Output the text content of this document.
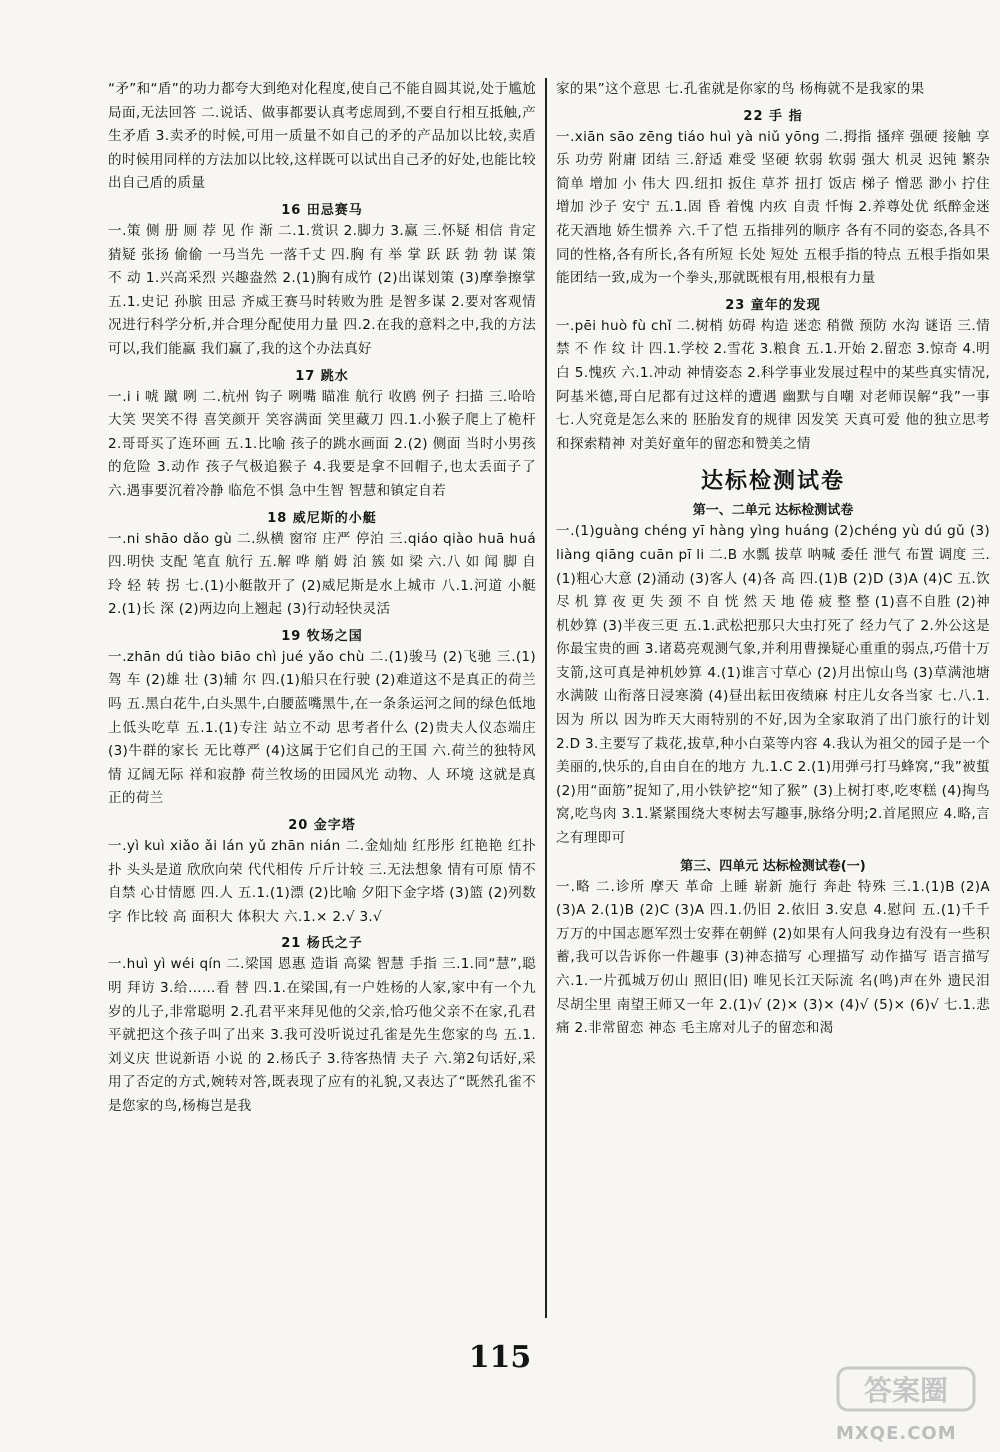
“矛”和“盾”的功力都夸大到绝对化程度,使自己不能自圆其说,处于尴尬局面,无法回答 二.说话、做事都要认真考虑周到,不要自行相互抵触,产生矛盾 3.卖矛的时候,可用一质量不如自己的矛的产品加以比较,卖盾的时候用同样的方法加以比较,这样既可以试出自己矛的好处,也能比较出自己盾的质量

16 田忌赛马

一.策 侧 册 厕 荐 见 作 渐 二.1.赏识 2.脚力 3.赢 三.怀疑 相信 肯定 猜疑 张扬 偷偷 一马当先 一落千丈 四.胸 有 举 掌 跃 跃 勃 勃 谋 策 不 动 1.兴高采烈 兴趣盎然 2.(1)胸有成竹 (2)出谋划策 (3)摩拳擦掌 五.1.史记 孙膑 田忌 齐威王赛马时转败为胜 是智多谋 2.要对客观情况进行科学分析,并合理分配使用力量 四.2.在我的意料之中,我的方法可以,我们能赢 我们赢了,我的这个办法真好

17 跳水

一.i i 唬 蹴 咧 二.杭州 钩子 咧嘴 瞄准 航行 收鸥 例子 扫描 三.哈哈大笑 哭笑不得 喜笑颜开 笑容满面 笑里藏刀 四.1.小猴子爬上了桅杆 2.哥哥买了连环画 五.1.比喻 孩子的跳水画面 2.(2) 侧面 当时小男孩的危险 3.动作 孩子气极追猴子 4.我要是拿不回帽子,也太丢面子了 六.遇事要沉着冷静 临危不惧 急中生智 智慧和镇定自若

18 威尼斯的小艇

一.ni shāo dǎo gù 二.纵横 窗帘 庄严 停泊 三.qiáo qiào huā huá 四.明快 支配 笔直 航行 五.解 哗 艄 姆 泊 簇 如 梁 六.八 如 闻 脚 自 玲 轻 转 拐 七.(1)小艇散开了 (2)威尼斯是水上城市 八.1.河道 小艇 2.(1)长 深 (2)两边向上翘起 (3)行动轻快灵活

19 牧场之国

一.zhān dú tiào biāo chì jué yǎo chù 二.(1)骏马 (2)飞驰 三.(1)驾 车 (2)雄 壮 (3)辅 尔 四.(1)船只在行驶 (2)难道这不是真正的荷兰吗 五.黑白花牛,白头黑牛,白腰蓝嘴黑牛,在一条条运河之间的绿色低地上低头吃草 五.1.(1)专注 站立不动 思考者什么 (2)贵夫人仪态端庄 (3)牛群的家长 无比尊严 (4)这属于它们自己的王国 六.荷兰的独特风情 辽阔无际 祥和寂静 荷兰牧场的田园风光 动物、人 环境 这就是真正的荷兰

20 金字塔

一.yì kuì xiǎo ǎi lán yǔ zhān nián 二.金灿灿 红彤彤 红艳艳 红扑扑 头头是道 欣欣向荣 代代相传 斤斤计较 三.无法想象 情有可原 情不自禁 心甘情愿 四.人 五.1.(1)漂 (2)比喻 夕阳下金字塔 (3)篮 (2)列数字 作比较 高 面积大 体积大 六.1.× 2.√ 3.√

21 杨氏之子

一.huì yì wéi qín 二.梁国 恩惠 造诣 高粱 智慧 手指 三.1.同“慧”,聪明 拜访 3.给……看 替 四.1.在梁国,有一户姓杨的人家,家中有一个九岁的儿子,非常聪明 2.孔君平来拜见他的父亲,恰巧他父亲不在家,孔君平就把这个孩子叫了出来 3.我可没听说过孔雀是先生您家的鸟 五.1.刘义庆 世说新语 小说 的 2.杨氏子 3.待客热情 夫子 六.第2句话好,采用了否定的方式,婉转对答,既表现了应有的礼貌,又表达了“既然孔雀不是您家的鸟,杨梅岂是我

家的果”这个意思 七.孔雀就是你家的鸟 杨梅就不是我家的果

22 手 指

一.xiān sāo zēng tiáo huì yà niǔ yōng 二.拇指 搔痒 强硬 接触 享乐 功劳 附庸 团结 三.舒适 难受 坚硬 软弱 软弱 强大 机灵 迟钝 繁杂 简单 增加 小 伟大 四.纽扣 扳住 草芥 扭打 饭店 梯子 憎恶 渺小 拧住 增加 沙子 安宁 五.1.固 昏 着愧 内疚 自责 忏悔 2.养尊处优 纸醉金迷 花天酒地 娇生惯养 六.千了恺 五指排列的顺序 各有不同的姿态,各具不同的性格,各有所长,各有所短 长处 短处 五根手指的特点 五根手指如果能团结一致,成为一个拳头,那就既根有用,根根有力量

23 童年的发现

一.pēi huò fù chǐ 二.树梢 妨碍 构造 迷恋 稍微 预防 水沟 谜语 三.情 禁 不 作 纹 计 四.1.学校 2.雪花 3.粮食 五.1.开始 2.留恋 3.惊奇 4.明白 5.愧疚 六.1.冲动 神情姿态 2.科学事业发展过程中的某些真实情况,阿基米德,哥白尼都有过这样的遭遇 幽默与自嘲 对老师误解“我”一事 七.人究竟是怎么来的 胚胎发育的规律 因发笑 天真可爱 他的独立思考和探索精神 对美好童年的留恋和赞美之情

达标检测试卷
第一、二单元 达标检测试卷

一.(1)guàng chéng yī hàng yìng huáng (2)chéng yù dú gǔ (3)liàng qiāng cuān pī li 二.B 水瓢 拔草 呐喊 委任 泄气 布置 调度 三.(1)粗心大意 (2)涌动 (3)客人 (4)各 高 四.(1)B (2)D (3)A (4)C 五.饮 尽 机 算 夜 更 失 颈 不 自 恍 然 天 地 倦 疲 整 整 (1)喜不自胜 (2)神机妙算 (3)半夜三更 五.1.武松把那只大虫打死了 经力气了 2.外公这是你最宝贵的画 3.诸葛亮观测气象,并利用曹操疑心重重的弱点,巧借十万支箭,这可真是神机妙算 4.(1)谁言寸草心 (2)月出惊山鸟 (3)草满池塘水满陂 山衔落日浸寒漪 (4)昼出耘田夜绩麻 村庄儿女各当家 七.八.1.因为 所以 因为昨天大雨特别的不好,因为全家取消了出门旅行的计划 2.D 3.主要写了栽花,拔草,种小白菜等内容 4.我认为祖父的园子是一个美丽的,快乐的,自由自在的地方 九.1.C 2.(1)用弹弓打马蜂窝,“我”被蜇 (2)用“面筋”捉知了,用小铁铲挖“知了猴” (3)上树打枣,吃枣糕 (4)掏鸟窝,吃鸟肉 3.1.紧紧围绕大枣树去写趣事,脉络分明;2.首尾照应 4.略,言之有理即可

第三、四单元 达标检测试卷(一)

一.略 二.诊所 摩天 革命 上睡 崭新 施行 奔赴 特殊 三.1.(1)B (2)A (3)A 2.(1)B (2)C (3)A 四.1.仍旧 2.依旧 3.安息 4.慰问 五.(1)千千万万的中国志愿军烈士安葬在朝鲜 (2)如果有人问我身边有没有一些积蓄,我可以告诉你一件趣事 (3)神态描写 心理描写 动作描写 语言描写 六.1.一片孤城万仞山 照旧(旧) 唯见长江天际流 名(鸣)声在外 遗民泪尽胡尘里 南望王师又一年 2.(1)√ (2)× (3)× (4)√ (5)× (6)√ 七.1.悲痛 2.非常留恋 神态 毛主席对儿子的留恋和渴

115
答案圈
MXQE.COM
